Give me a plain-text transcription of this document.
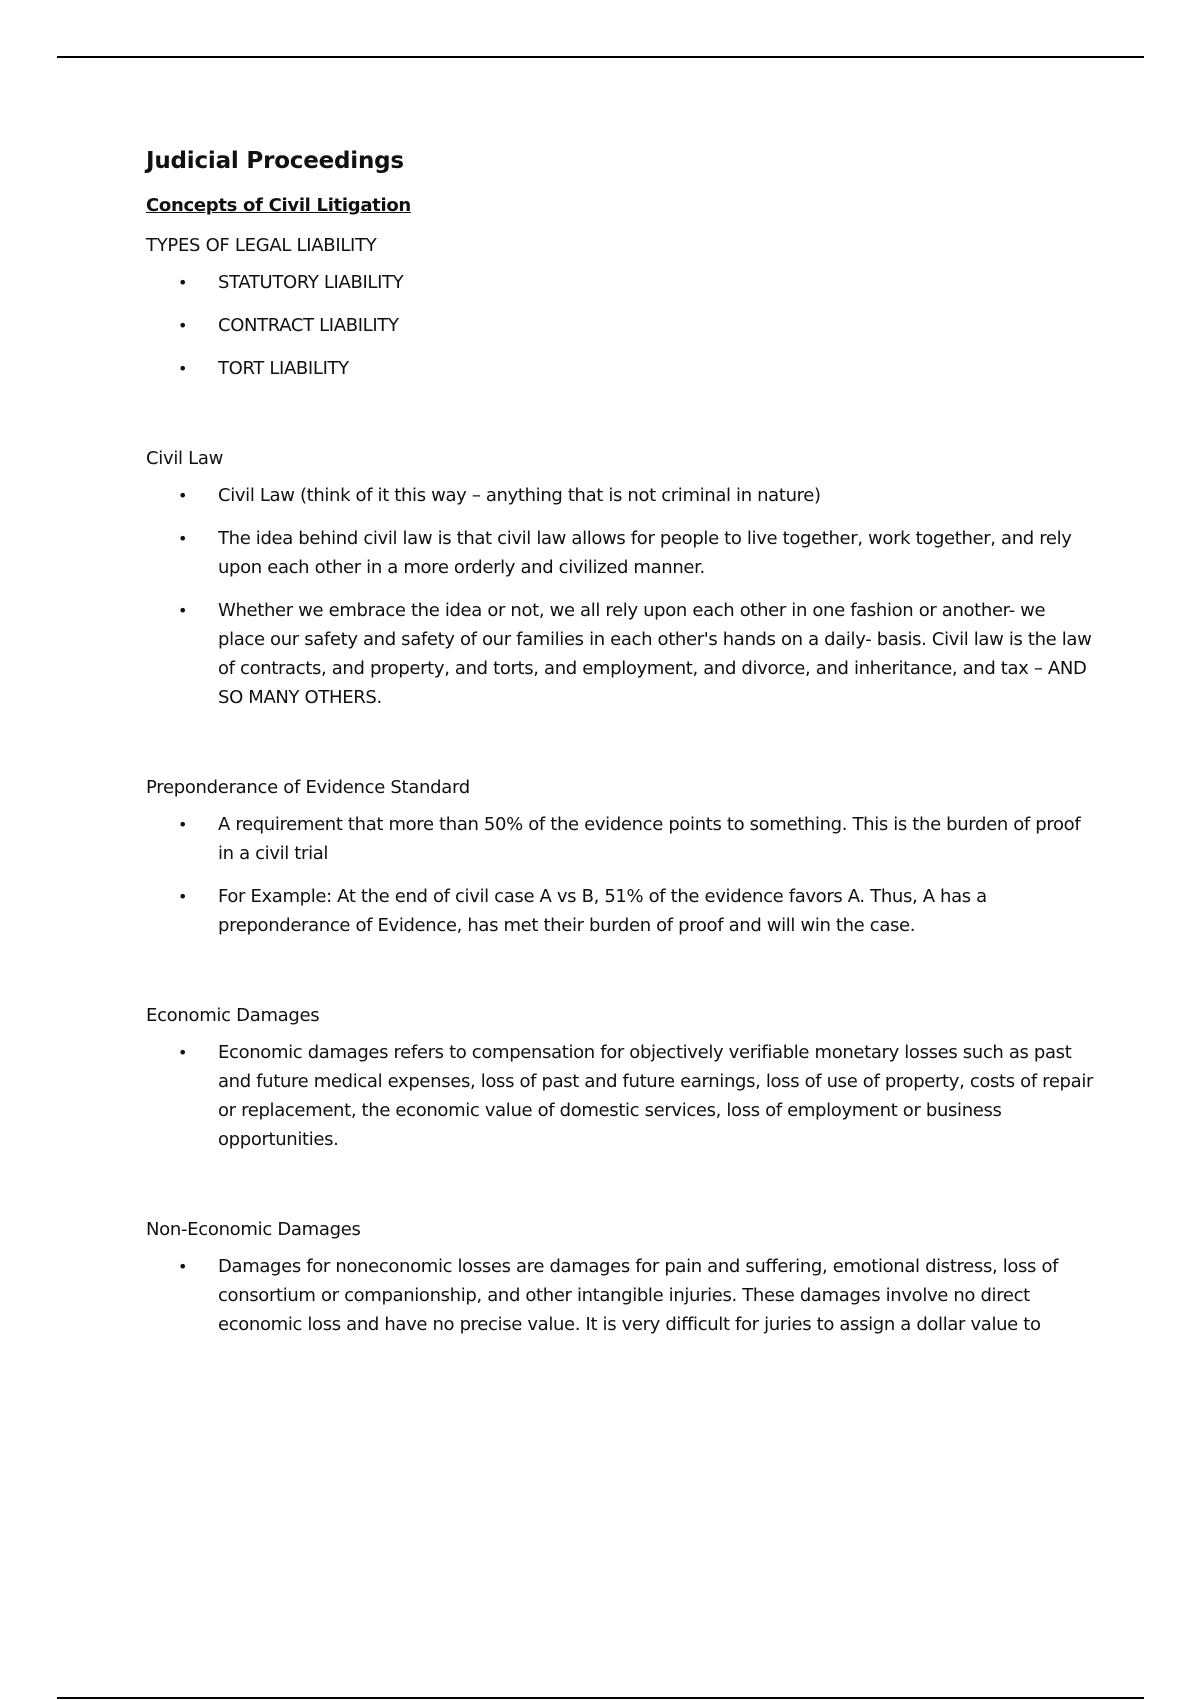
Judicial Proceedings
Concepts of Civil Litigation
TYPES OF LEGAL LIABILITY
• STATUTORY LIABILITY
• CONTRACT LIABILITY
• TORT LIABILITY
Civil Law
• Civil Law (think of it this way – anything that is not criminal in nature)
• The idea behind civil law is that civil law allows for people to live together, work together, and rely upon each other in a more orderly and civilized manner.
• Whether we embrace the idea or not, we all rely upon each other in one fashion or another- we place our safety and safety of our families in each other's hands on a daily- basis. Civil law is the law of contracts, and property, and torts, and employment, and divorce, and inheritance, and tax – AND SO MANY OTHERS.
Preponderance of Evidence Standard
• A requirement that more than 50% of the evidence points to something. This is the burden of proof in a civil trial
• For Example: At the end of civil case A vs B, 51% of the evidence favors A. Thus, A has a preponderance of Evidence, has met their burden of proof and will win the case.
Economic Damages
• Economic damages refers to compensation for objectively verifiable monetary losses such as past and future medical expenses, loss of past and future earnings, loss of use of property, costs of repair or replacement, the economic value of domestic services, loss of employment or business opportunities.
Non-Economic Damages
• Damages for noneconomic losses are damages for pain and suffering, emotional distress, loss of consortium or companionship, and other intangible injuries. These damages involve no direct economic loss and have no precise value. It is very difficult for juries to assign a dollar value to
